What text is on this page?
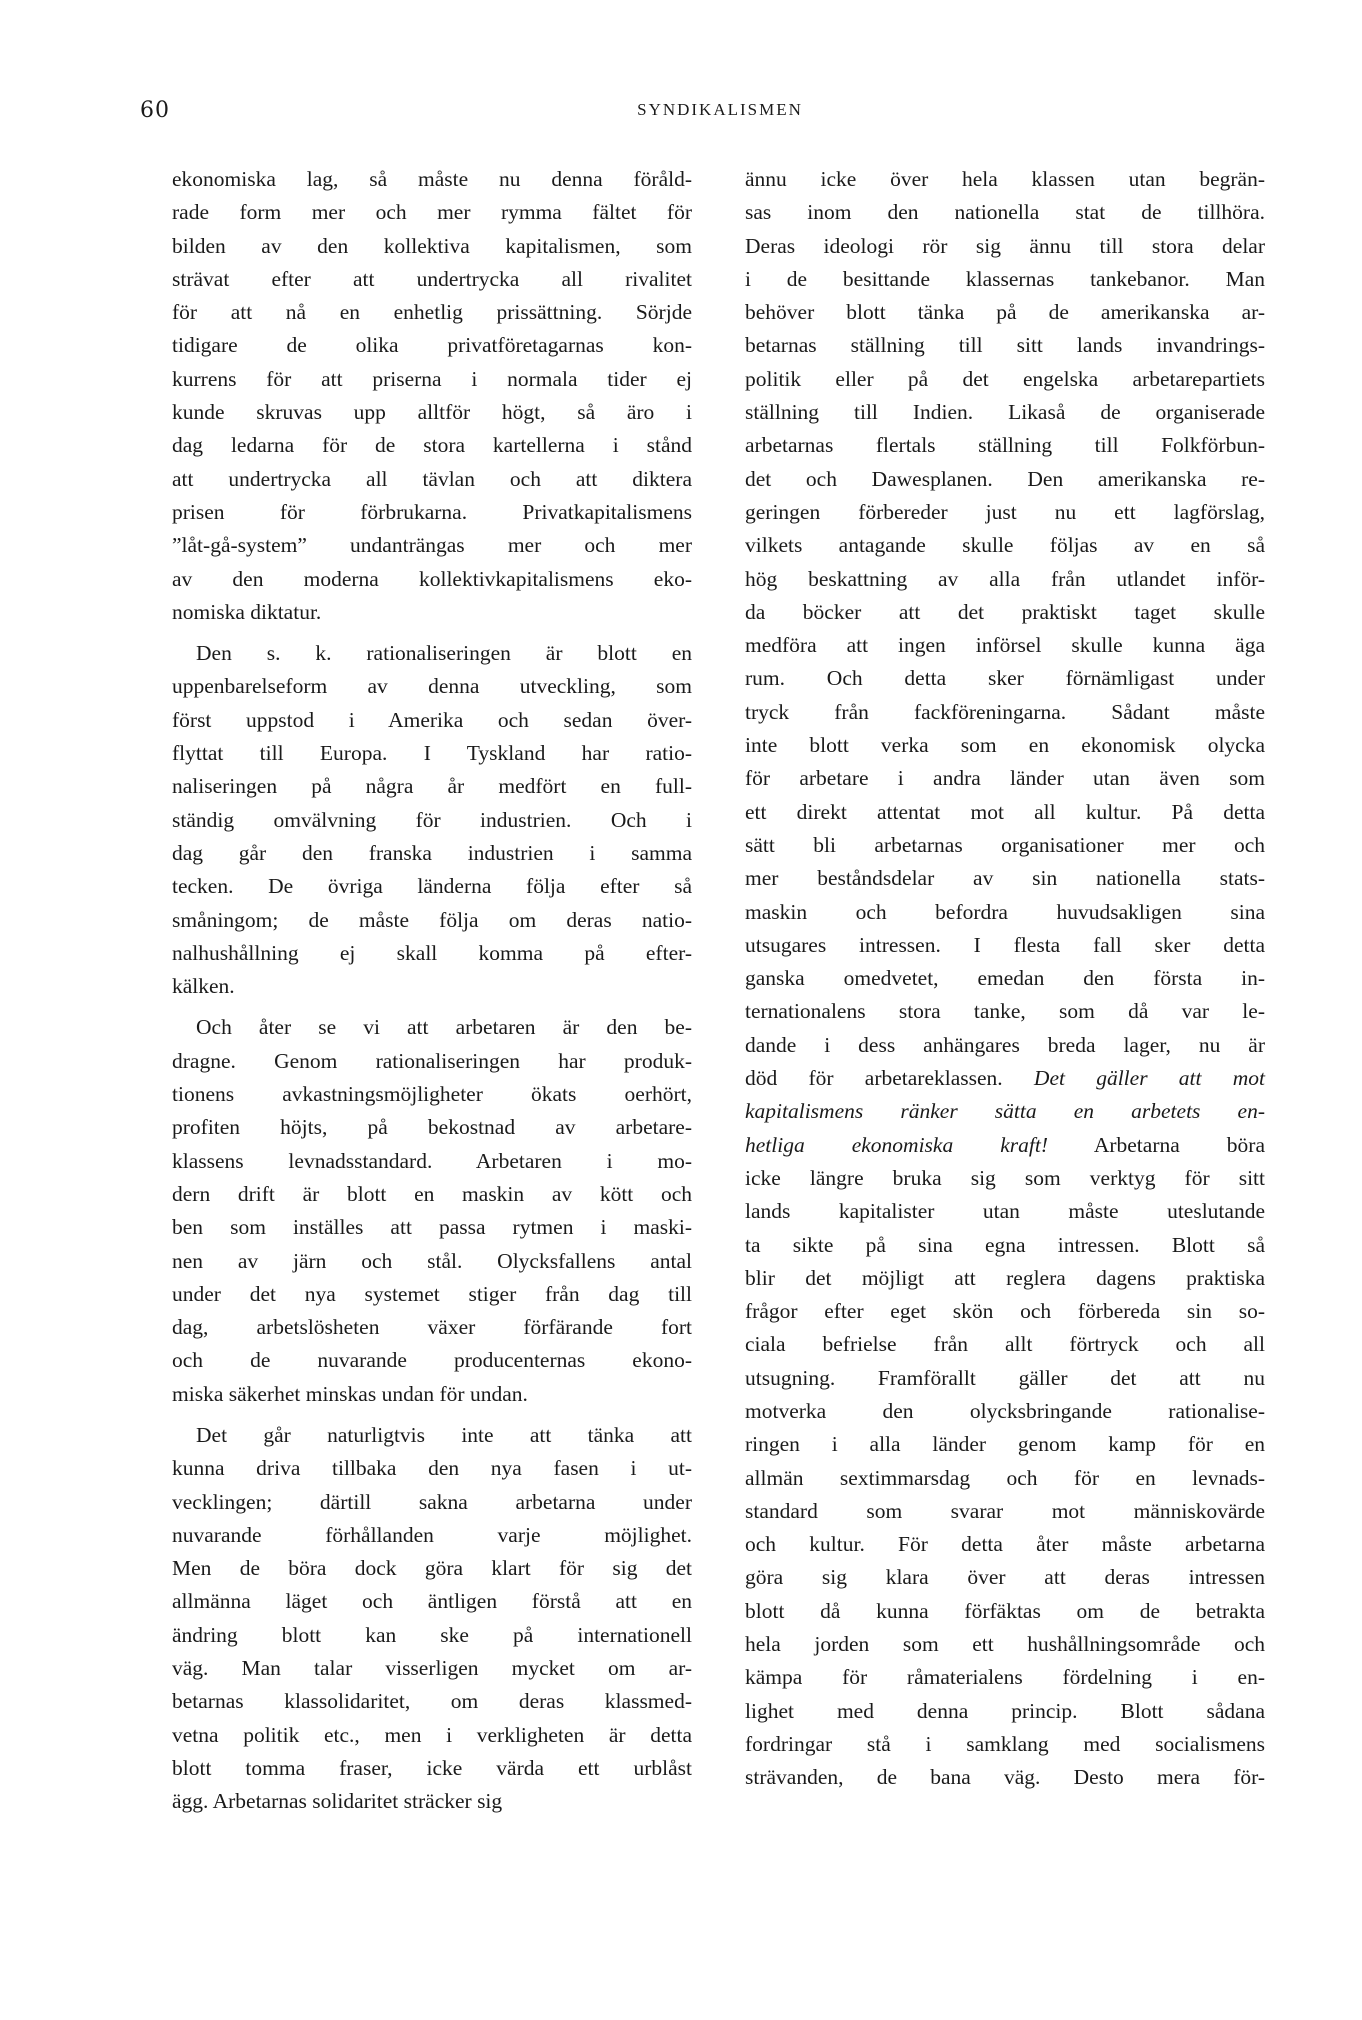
60	SYNDIKALISMEN
ekonomiska lag, så måste nu denna föråld-
rade form mer och mer rymma fältet för
bilden av den kollektiva kapitalismen, som
strävat efter att undertrycka all rivalitet
för att nå en enhetlig prissättning. Sörjde
tidigare de olika privatföretagarnas kon-
kurrens för att priserna i normala tider ej
kunde skruvas upp alltför högt, så äro i
dag ledarna för de stora kartellerna i stånd
att undertrycka all tävlan och att diktera
prisen för förbrukarna. Privatkapitalismens
”låt-gå-system” undanträngas mer och mer
av den moderna kollektivkapitalismens eko-
nomiska diktatur.
Den s. k. rationaliseringen är blott en
uppenbarelseform av denna utveckling, som
först uppstod i Amerika och sedan över-
flyttat till Europa. I Tyskland har ratio-
naliseringen på några år medfört en full-
ständig omvälvning för industrien. Och i
dag går den franska industrien i samma
tecken. De övriga länderna följa efter så
småningom; de måste följa om deras natio-
nalhushållning ej skall komma på efter-
kälken.
Och åter se vi att arbetaren är den be-
dragne. Genom rationaliseringen har produk-
tionens avkastningsmöjligheter ökats oerhört,
profiten höjts, på bekostnad av arbetare-
klassens levnadsstandard. Arbetaren i mo-
dern drift är blott en maskin av kött och
ben som inställes att passa rytmen i maski-
nen av järn och stål. Olycksfallens antal
under det nya systemet stiger från dag till
dag, arbetslösheten växer förfärande fort
och de nuvarande producenternas ekono-
miska säkerhet minskas undan för undan.
Det går naturligtvis inte att tänka att
kunna driva tillbaka den nya fasen i ut-
vecklingen; därtill sakna arbetarna under
nuvarande förhållanden varje möjlighet.
Men de böra dock göra klart för sig det
allmänna läget och äntligen förstå att en
ändring blott kan ske på internationell
väg. Man talar visserligen mycket om ar-
betarnas klassolidaritet, om deras klassmed-
vetna politik etc., men i verkligheten är detta
blott tomma fraser, icke värda ett urblåst
ägg. Arbetarnas solidaritet sträcker sig
ännu icke över hela klassen utan begrän-
sas inom den nationella stat de tillhöra.
Deras ideologi rör sig ännu till stora delar
i de besittande klassernas tankebanor. Man
behöver blott tänka på de amerikanska ar-
betarnas ställning till sitt lands invandrings-
politik eller på det engelska arbetarepartiets
ställning till Indien. Likaså de organiserade
arbetarnas flertals ställning till Folkförbun-
det och Dawesplanen. Den amerikanska re-
geringen förbereder just nu ett lagförslag,
vilkets antagande skulle följas av en så
hög beskattning av alla från utlandet inför-
da böcker att det praktiskt taget skulle
medföra att ingen införsel skulle kunna äga
rum. Och detta sker förnämligast under
tryck från fackföreningarna. Sådant måste
inte blott verka som en ekonomisk olycka
för arbetare i andra länder utan även som
ett direkt attentat mot all kultur. På detta
sätt bli arbetarnas organisationer mer och
mer beståndsdelar av sin nationella stats-
maskin och befordra huvudsakligen sina
utsugares intressen. I flesta fall sker detta
ganska omedvetet, emedan den första in-
ternationalens stora tanke, som då var le-
dande i dess anhängares breda lager, nu är
död för arbetareklassen. Det gäller att mot
kapitalismens ränker sätta en arbetets en-
hetliga ekonomiska kraft! Arbetarna böra
icke längre bruka sig som verktyg för sitt
lands kapitalister utan måste uteslutande
ta sikte på sina egna intressen. Blott så
blir det möjligt att reglera dagens praktiska
frågor efter eget skön och förbereda sin so-
ciala befrielse från allt förtryck och all
utsugning. Framförallt gäller det att nu
motverka den olycksbringande rationalise-
ringen i alla länder genom kamp för en
allmän sextimmarsdag och för en levnads-
standard som svarar mot människovärde
och kultur. För detta åter måste arbetarna
göra sig klara över att deras intressen
blott då kunna förfäktas om de betrakta
hela jorden som ett hushållningsområde och
kämpa för råmaterialens fördelning i en-
lighet med denna princip. Blott sådana
fordringar stå i samklang med socialismens
strävanden, de bana väg. Desto mera för-
